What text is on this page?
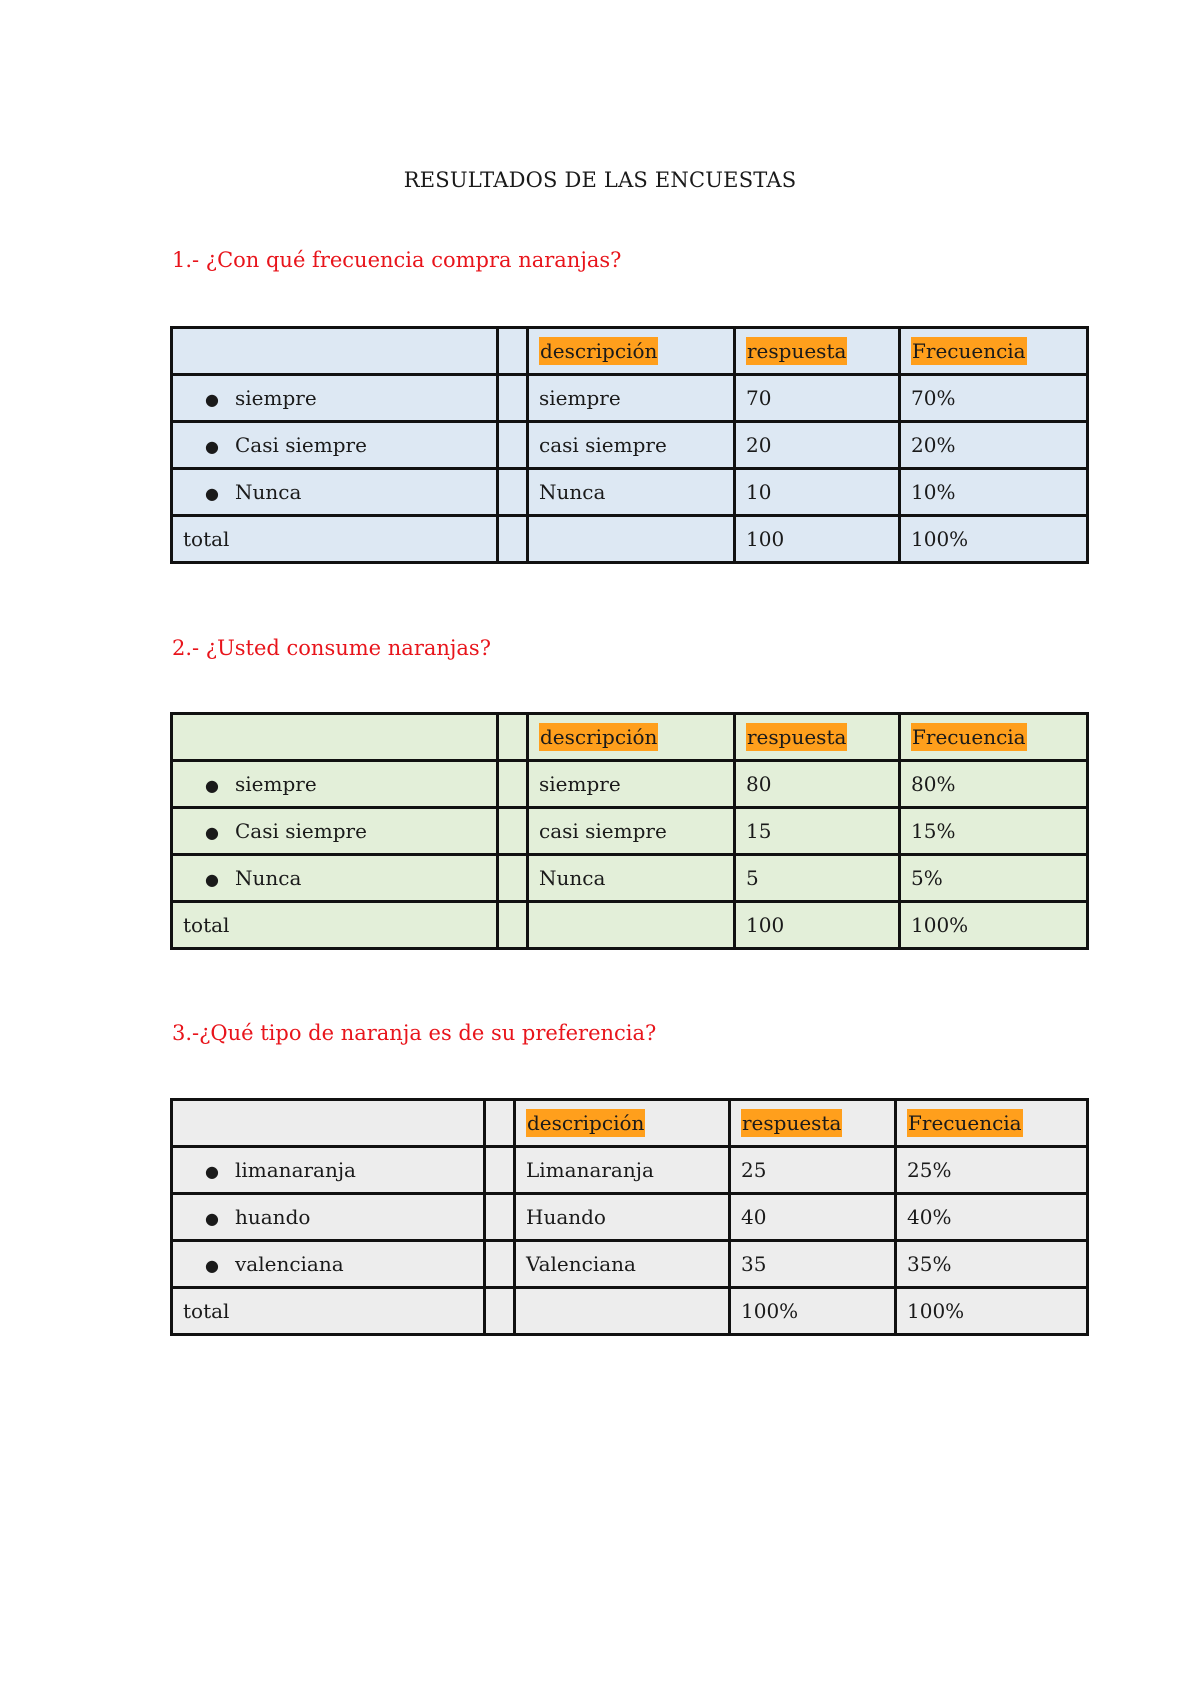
RESULTADOS DE LAS ENCUESTAS
1.- ¿Con qué frecuencia compra naranjas?
		descripción	respuesta	Frecuencia
● siempre		siempre	70	70%
● Casi siempre		casi siempre	20	20%
● Nunca		Nunca	10	10%
total			100	100%
2.- ¿Usted consume naranjas?
		descripción	respuesta	Frecuencia
● siempre		siempre	80	80%
● Casi siempre		casi siempre	15	15%
● Nunca		Nunca	5	5%
total			100	100%
3.-¿Qué tipo de naranja es de su preferencia?
		descripción	respuesta	Frecuencia
● limanaranja		Limanaranja	25	25%
● huando		Huando	40	40%
● valenciana		Valenciana	35	35%
total			100%	100%
